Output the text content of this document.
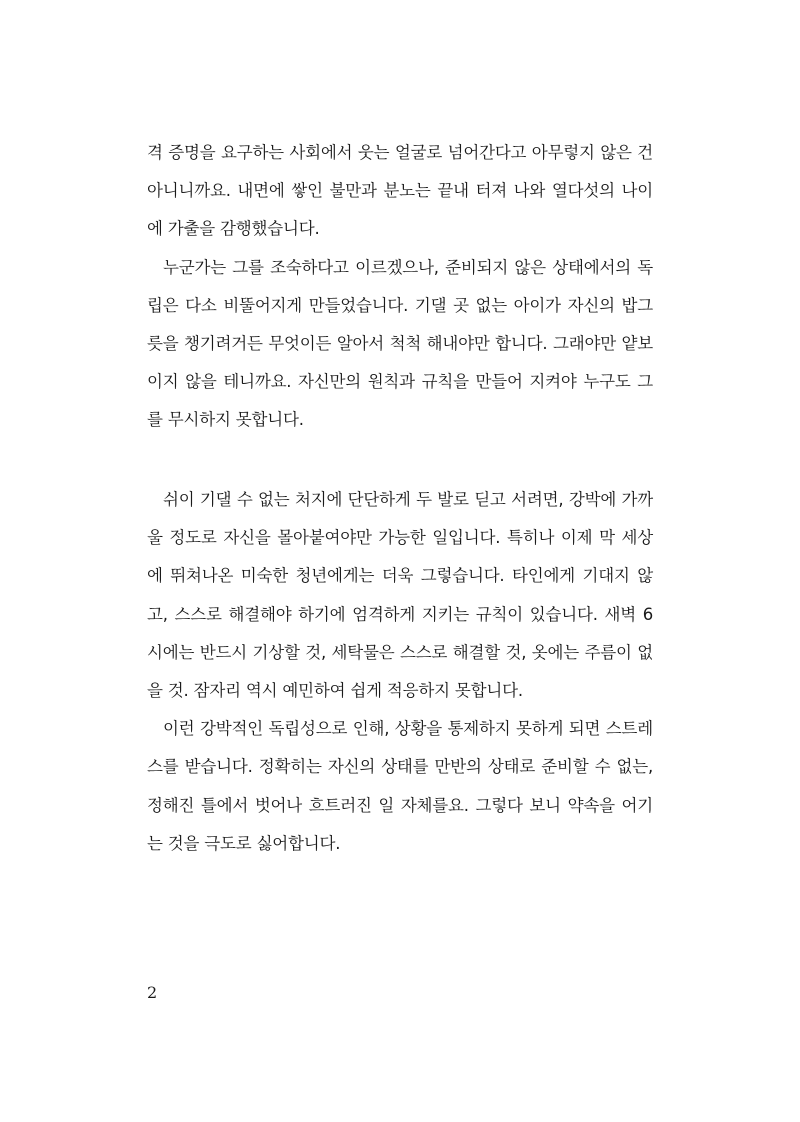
격 증명을 요구하는 사회에서 웃는 얼굴로 넘어간다고 아무렇지 않은 건 아니니까요. 내면에 쌓인 불만과 분노는 끝내 터져 나와 열다섯의 나이에 가출을 감행했습니다.

누군가는 그를 조숙하다고 이르겠으나, 준비되지 않은 상태에서의 독립은 다소 비뚤어지게 만들었습니다. 기댈 곳 없는 아이가 자신의 밥그릇을 챙기려거든 무엇이든 알아서 척척 해내야만 합니다. 그래야만 얕보이지 않을 테니까요. 자신만의 원칙과 규칙을 만들어 지켜야 누구도 그를 무시하지 못합니다.

쉬이 기댈 수 없는 처지에 단단하게 두 발로 딛고 서려면, 강박에 가까울 정도로 자신을 몰아붙여야만 가능한 일입니다. 특히나 이제 막 세상에 뛰쳐나온 미숙한 청년에게는 더욱 그렇습니다. 타인에게 기대지 않고, 스스로 해결해야 하기에 엄격하게 지키는 규칙이 있습니다. 새벽 6시에는 반드시 기상할 것, 세탁물은 스스로 해결할 것, 옷에는 주름이 없을 것. 잠자리 역시 예민하여 쉽게 적응하지 못합니다.

이런 강박적인 독립성으로 인해, 상황을 통제하지 못하게 되면 스트레스를 받습니다. 정확히는 자신의 상태를 만반의 상태로 준비할 수 없는, 정해진 틀에서 벗어나 흐트러진 일 자체를요. 그렇다 보니 약속을 어기는 것을 극도로 싫어합니다.

2
